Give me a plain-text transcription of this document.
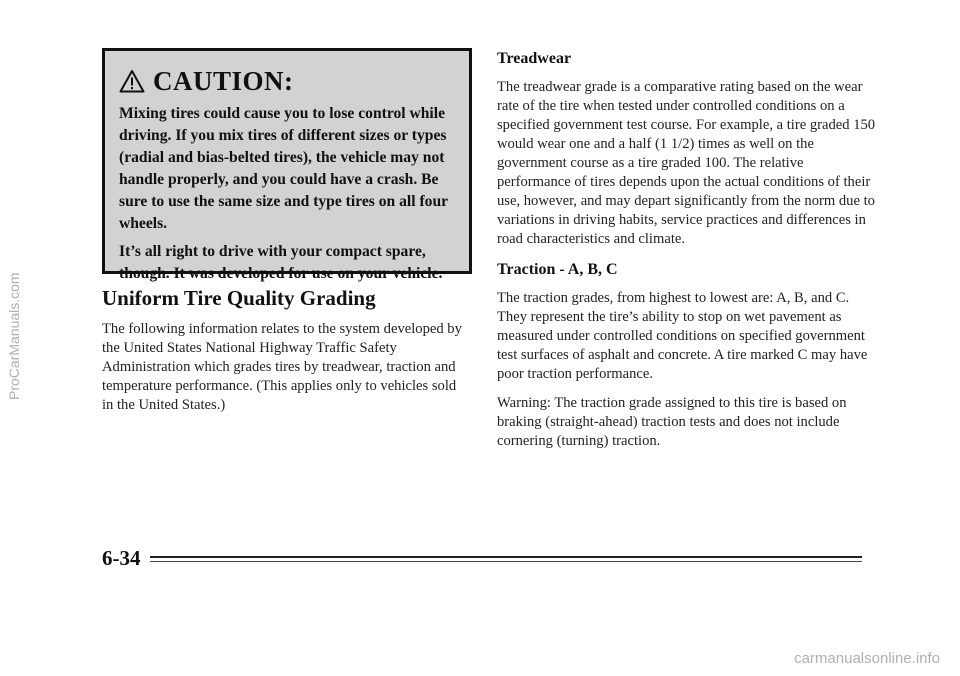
CAUTION:

Mixing tires could cause you to lose control while driving. If you mix tires of different sizes or types (radial and bias-belted tires), the vehicle may not handle properly, and you could have a crash. Be sure to use the same size and type tires on all four wheels.

It’s all right to drive with your compact spare, though. It was developed for use on your vehicle.

Uniform Tire Quality Grading

The following information relates to the system developed by the United States National Highway Traffic Safety Administration which grades tires by treadwear, traction and temperature performance. (This applies only to vehicles sold in the United States.)

Treadwear

The treadwear grade is a comparative rating based on the wear rate of the tire when tested under controlled conditions on a specified government test course. For example, a tire graded 150 would wear one and a half (1 1/2) times as well on the government course as a tire graded 100. The relative performance of tires depends upon the actual conditions of their use, however, and may depart significantly from the norm due to variations in driving habits, service practices and differences in road characteristics and climate.

Traction - A, B, C

The traction grades, from highest to lowest are: A, B, and C. They represent the tire’s ability to stop on wet pavement as measured under controlled conditions on specified government test surfaces of asphalt and concrete. A tire marked C may have poor traction performance.

Warning: The traction grade assigned to this tire is based on braking (straight-ahead) traction tests and does not include cornering (turning) traction.

6-34
ProCarManuals.com
carmanualsonline.info
